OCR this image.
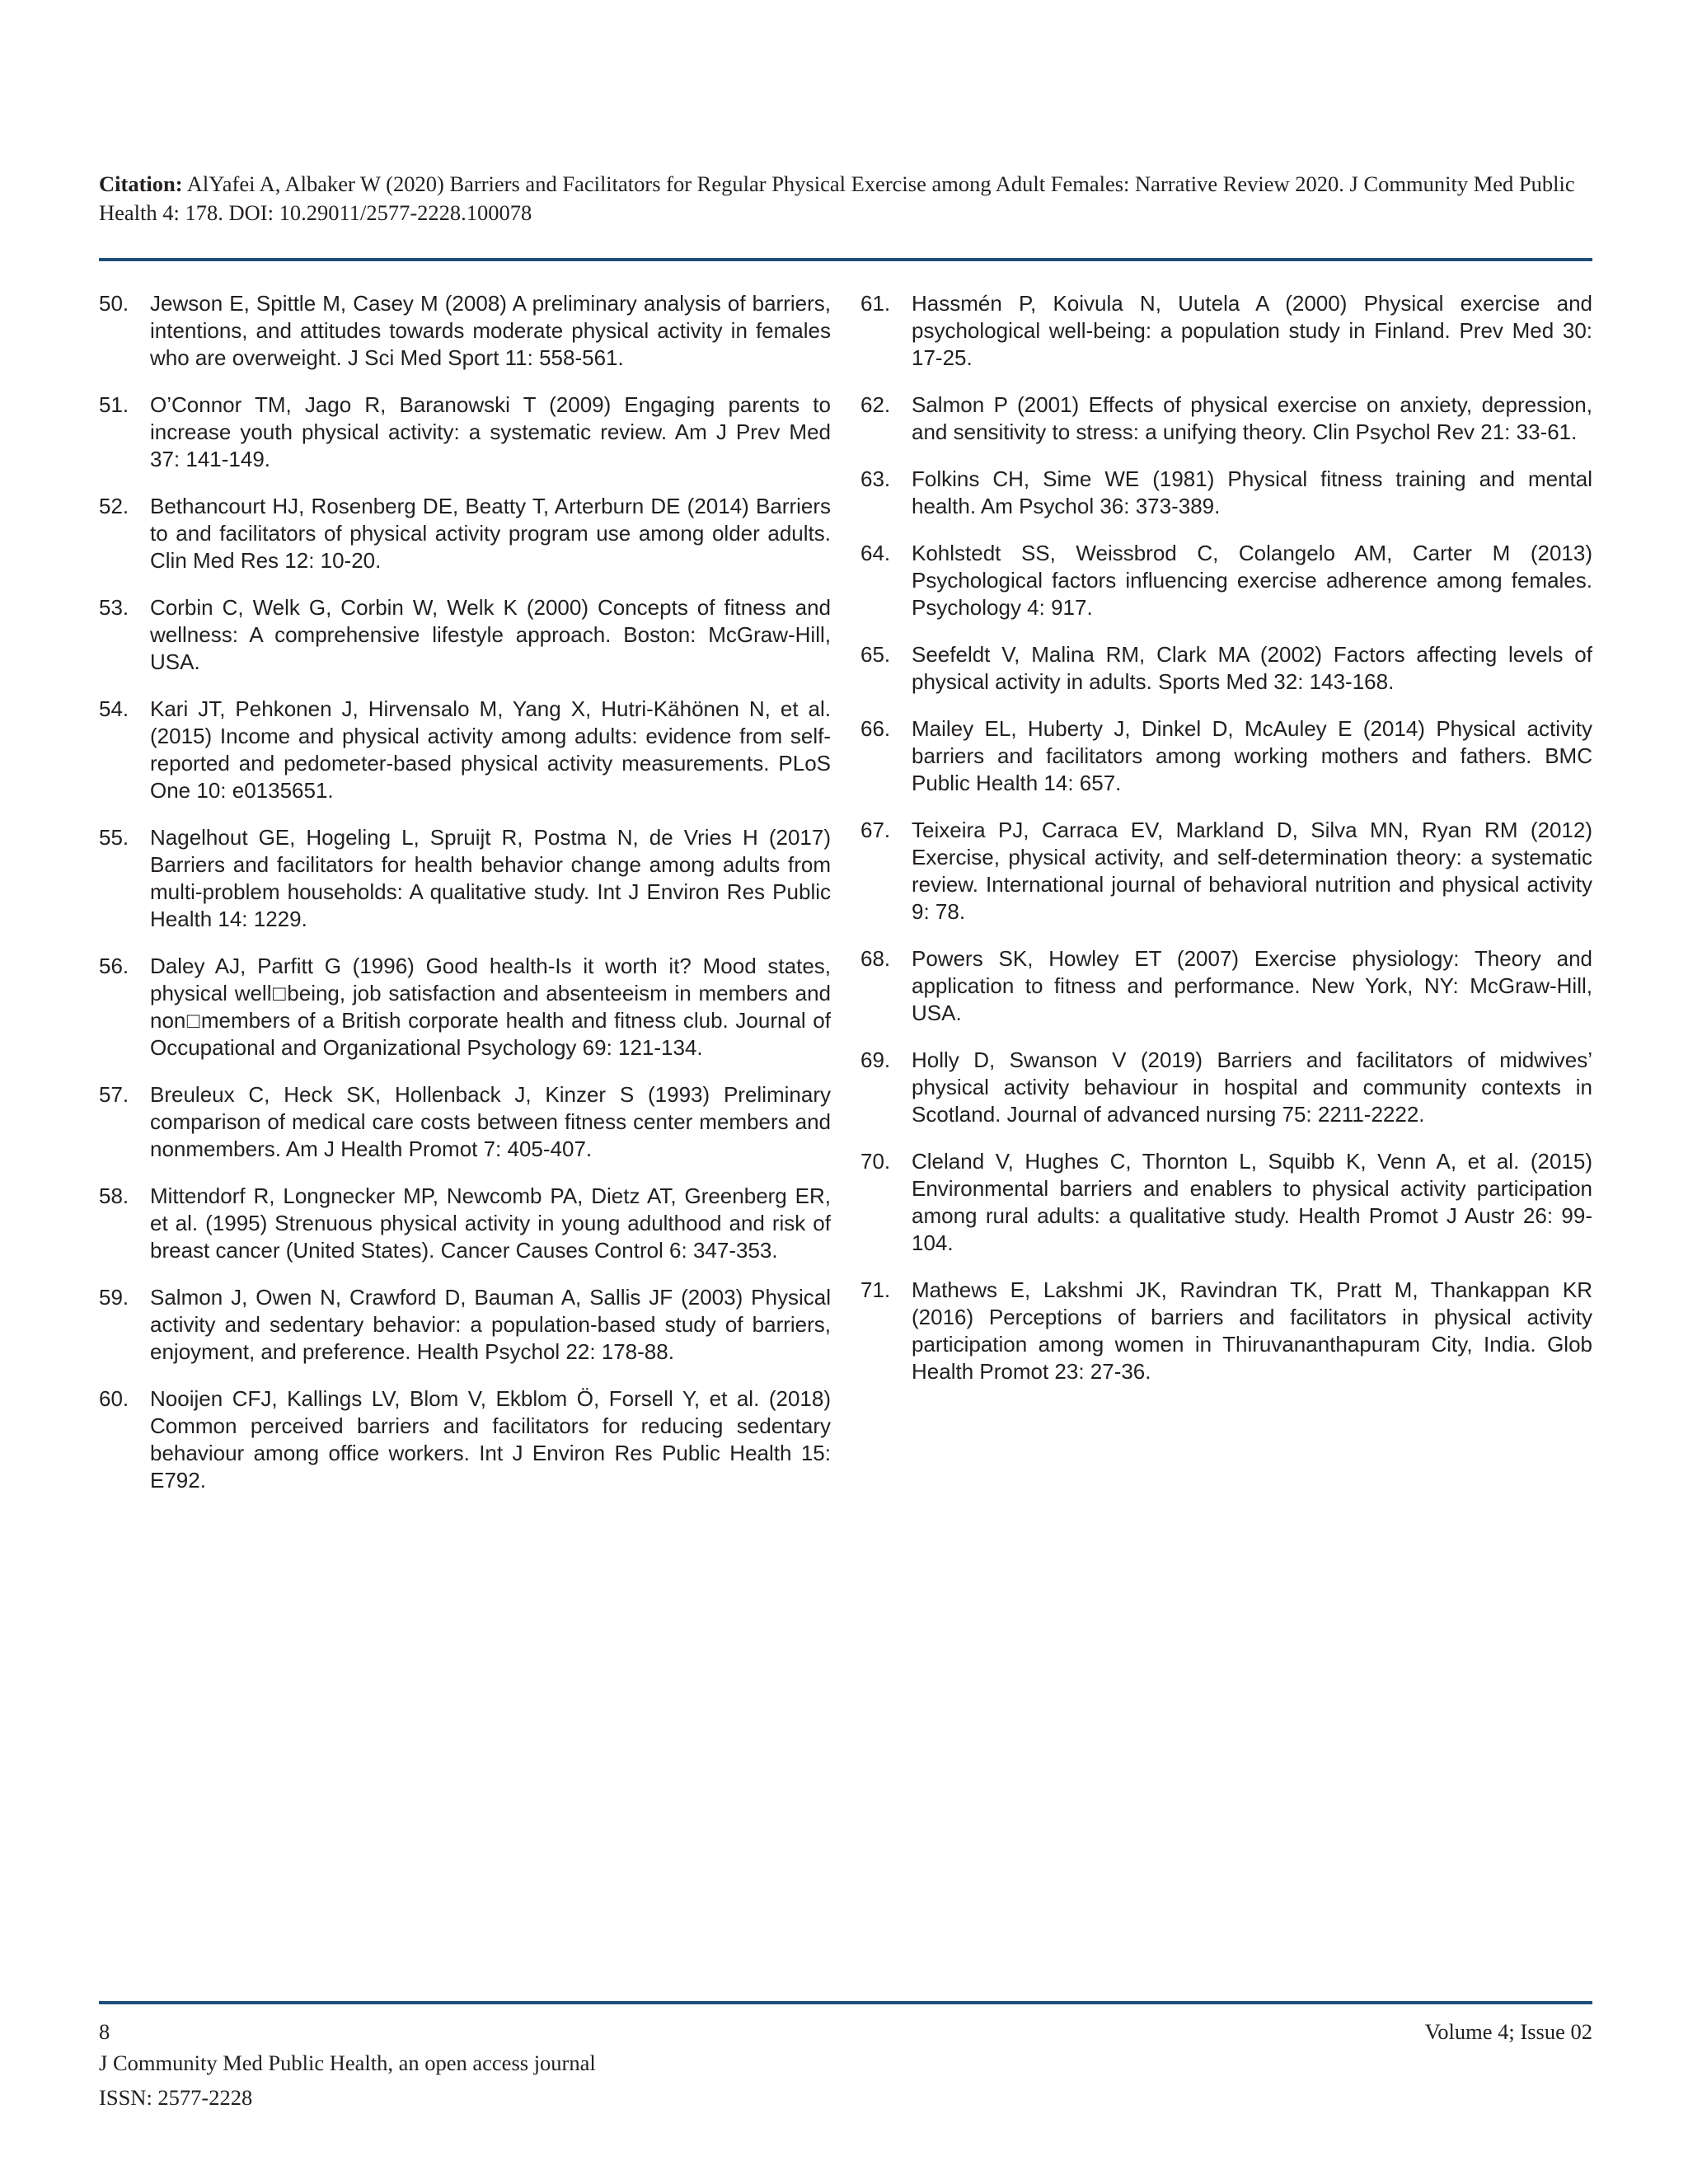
Citation: AlYafei A, Albaker W (2020) Barriers and Facilitators for Regular Physical Exercise among Adult Females: Narrative Review 2020. J Community Med Public Health 4: 178. DOI: 10.29011/2577-2228.100078
50. Jewson E, Spittle M, Casey M (2008) A preliminary analysis of barriers, intentions, and attitudes towards moderate physical activity in females who are overweight. J Sci Med Sport 11: 558-561.
51. O’Connor TM, Jago R, Baranowski T (2009) Engaging parents to increase youth physical activity: a systematic review. Am J Prev Med 37: 141-149.
52. Bethancourt HJ, Rosenberg DE, Beatty T, Arterburn DE (2014) Barriers to and facilitators of physical activity program use among older adults. Clin Med Res 12: 10-20.
53. Corbin C, Welk G, Corbin W, Welk K (2000) Concepts of fitness and wellness: A comprehensive lifestyle approach. Boston: McGraw-Hill, USA.
54. Kari JT, Pehkonen J, Hirvensalo M, Yang X, Hutri-Kähönen N, et al. (2015) Income and physical activity among adults: evidence from self-reported and pedometer-based physical activity measurements. PLoS One 10: e0135651.
55. Nagelhout GE, Hogeling L, Spruijt R, Postma N, de Vries H (2017) Barriers and facilitators for health behavior change among adults from multi-problem households: A qualitative study. Int J Environ Res Public Health 14: 1229.
56. Daley AJ, Parfitt G (1996) Good health-Is it worth it? Mood states, physical well□being, job satisfaction and absenteeism in members and non□members of a British corporate health and fitness club. Journal of Occupational and Organizational Psychology 69: 121-134.
57. Breuleux C, Heck SK, Hollenback J, Kinzer S (1993) Preliminary comparison of medical care costs between fitness center members and nonmembers. Am J Health Promot 7: 405-407.
58. Mittendorf R, Longnecker MP, Newcomb PA, Dietz AT, Greenberg ER, et al. (1995) Strenuous physical activity in young adulthood and risk of breast cancer (United States). Cancer Causes Control 6: 347-353.
59. Salmon J, Owen N, Crawford D, Bauman A, Sallis JF (2003) Physical activity and sedentary behavior: a population-based study of barriers, enjoyment, and preference. Health Psychol 22: 178-88.
60. Nooijen CFJ, Kallings LV, Blom V, Ekblom Ö, Forsell Y, et al. (2018) Common perceived barriers and facilitators for reducing sedentary behaviour among office workers. Int J Environ Res Public Health 15: E792.
61. Hassmén P, Koivula N, Uutela A (2000) Physical exercise and psychological well-being: a population study in Finland. Prev Med 30: 17-25.
62. Salmon P (2001) Effects of physical exercise on anxiety, depression, and sensitivity to stress: a unifying theory. Clin Psychol Rev 21: 33-61.
63. Folkins CH, Sime WE (1981) Physical fitness training and mental health. Am Psychol 36: 373-389.
64. Kohlstedt SS, Weissbrod C, Colangelo AM, Carter M (2013) Psychological factors influencing exercise adherence among females. Psychology 4: 917.
65. Seefeldt V, Malina RM, Clark MA (2002) Factors affecting levels of physical activity in adults. Sports Med 32: 143-168.
66. Mailey EL, Huberty J, Dinkel D, McAuley E (2014) Physical activity barriers and facilitators among working mothers and fathers. BMC Public Health 14: 657.
67. Teixeira PJ, Carraca EV, Markland D, Silva MN, Ryan RM (2012) Exercise, physical activity, and self-determination theory: a systematic review. International journal of behavioral nutrition and physical activity 9: 78.
68. Powers SK, Howley ET (2007) Exercise physiology: Theory and application to fitness and performance. New York, NY: McGraw-Hill, USA.
69. Holly D, Swanson V (2019) Barriers and facilitators of midwives’ physical activity behaviour in hospital and community contexts in Scotland. Journal of advanced nursing 75: 2211-2222.
70. Cleland V, Hughes C, Thornton L, Squibb K, Venn A, et al. (2015) Environmental barriers and enablers to physical activity participation among rural adults: a qualitative study. Health Promot J Austr 26: 99-104.
71. Mathews E, Lakshmi JK, Ravindran TK, Pratt M, Thankappan KR (2016) Perceptions of barriers and facilitators in physical activity participation among women in Thiruvananthapuram City, India. Glob Health Promot 23: 27-36.
8	Volume 4; Issue 02
J Community Med Public Health, an open access journal
ISSN: 2577-2228
